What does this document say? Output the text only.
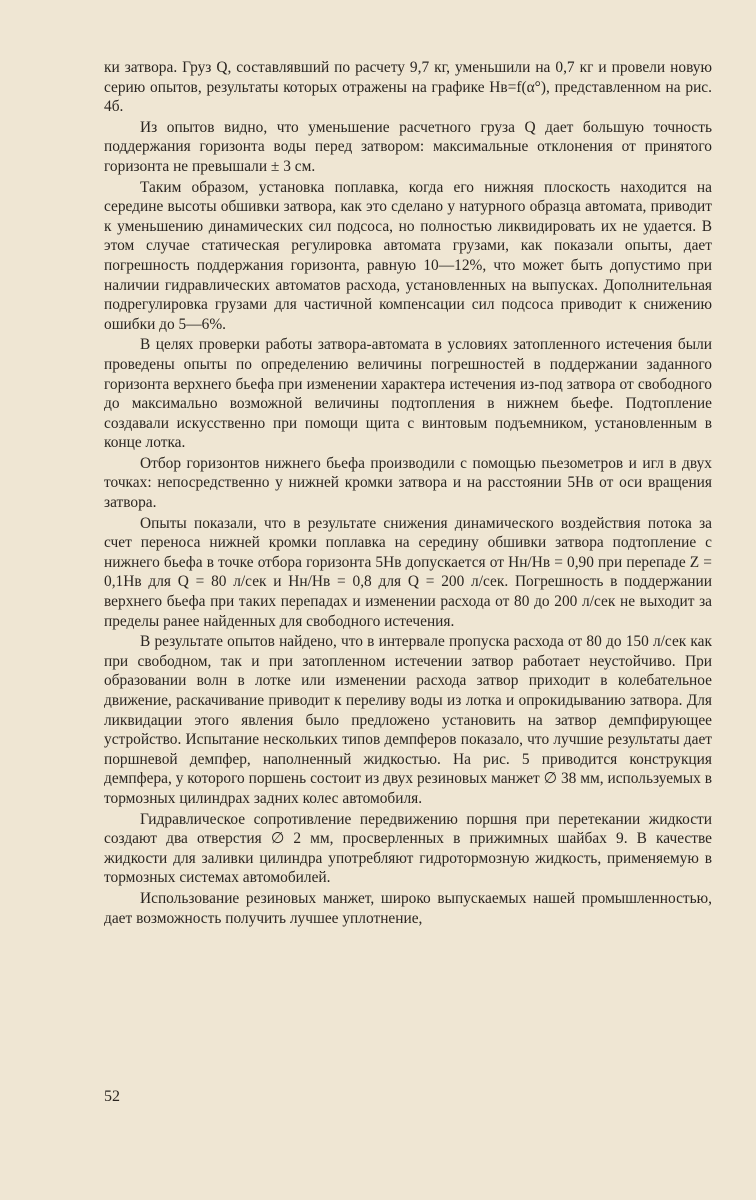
ки затвора. Груз Q, составлявший по расчету 9,7 кг, уменьшили на 0,7 кг и провели новую серию опытов, результаты которых отражены на графике Hв=f(α°), представленном на рис. 4б.

Из опытов видно, что уменьшение расчетного груза Q дает большую точность поддержания горизонта воды перед затвором: максимальные отклонения от принятого горизонта не превышали ± 3 см.

Таким образом, установка поплавка, когда его нижняя плоскость находится на середине высоты обшивки затвора, как это сделано у натурного образца автомата, приводит к уменьшению динамических сил подсоса, но полностью ликвидировать их не удается. В этом случае статическая регулировка автомата грузами, как показали опыты, дает погрешность поддержания горизонта, равную 10—12%, что может быть допустимо при наличии гидравлических автоматов расхода, установленных на выпусках. Дополнительная подрегулировка грузами для частичной компенсации сил подсоса приводит к снижению ошибки до 5—6%.

В целях проверки работы затвора-автомата в условиях затопленного истечения были проведены опыты по определению величины погрешностей в поддержании заданного горизонта верхнего бьефа при изменении характера истечения из-под затвора от свободного до максимально возможной величины подтопления в нижнем бьефе. Подтопление создавали искусственно при помощи щита с винтовым подъемником, установленным в конце лотка.

Отбор горизонтов нижнего бьефа производили с помощью пьезометров и игл в двух точках: непосредственно у нижней кромки затвора и на расстоянии 5Hв от оси вращения затвора.

Опыты показали, что в результате снижения динамического воздействия потока за счет переноса нижней кромки поплавка на середину обшивки затвора подтопление с нижнего бьефа в точке отбора горизонта 5Hв допускается от Hн/Hв = 0,90 при перепаде Z = 0,1Hв для Q = 80 л/сек и Hн/Hв = 0,8 для Q = 200 л/сек. Погрешность в поддержании верхнего бьефа при таких перепадах и изменении расхода от 80 до 200 л/сек не выходит за пределы ранее найденных для свободного истечения.

В результате опытов найдено, что в интервале пропуска расхода от 80 до 150 л/сек как при свободном, так и при затопленном истечении затвор работает неустойчиво. При образовании волн в лотке или изменении расхода затвор приходит в колебательное движение, раскачивание приводит к переливу воды из лотка и опрокидыванию затвора. Для ликвидации этого явления было предложено установить на затвор демпфирующее устройство. Испытание нескольких типов демпферов показало, что лучшие результаты дает поршневой демпфер, наполненный жидкостью. На рис. 5 приводится конструкция демпфера, у которого поршень состоит из двух резиновых манжет ∅ 38 мм, используемых в тормозных цилиндрах задних колес автомобиля.

Гидравлическое сопротивление передвижению поршня при перетекании жидкости создают два отверстия ∅ 2 мм, просверленных в прижимных шайбах 9. В качестве жидкости для заливки цилиндра употребляют гидротормозную жидкость, применяемую в тормозных системах автомобилей.

Использование резиновых манжет, широко выпускаемых нашей промышленностью, дает возможность получить лучшее уплотнение,

52
